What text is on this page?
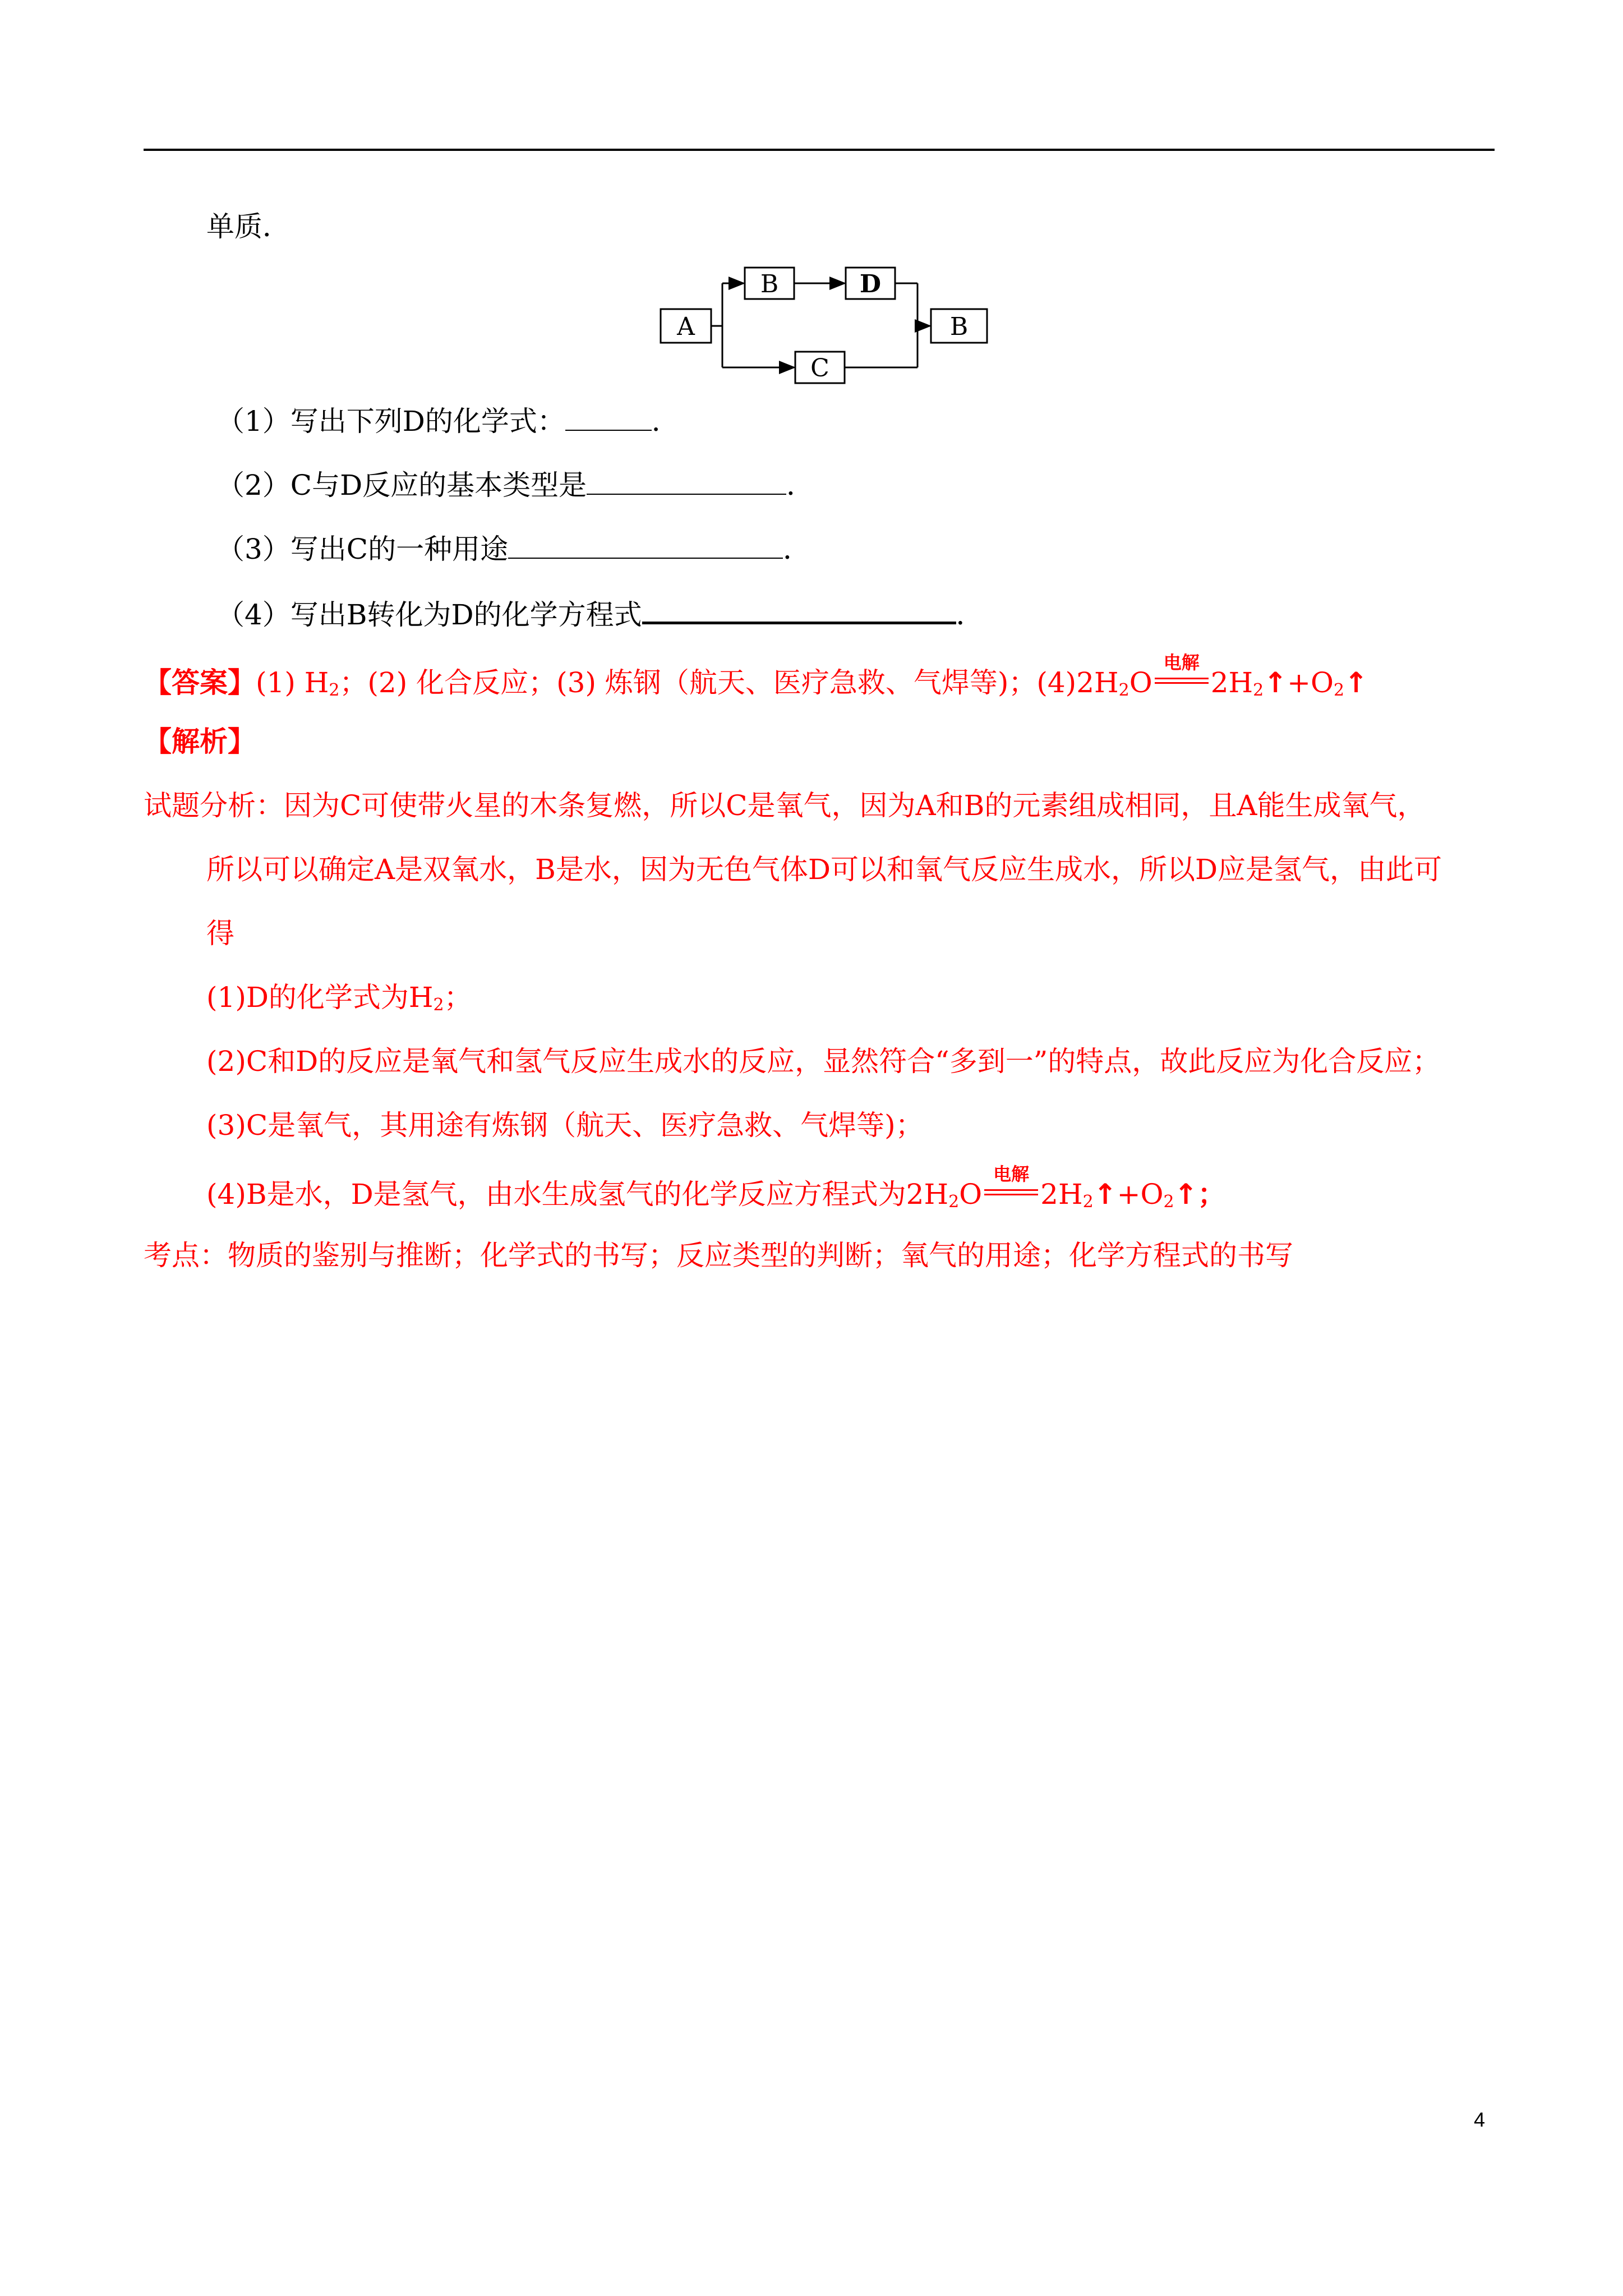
单质．
A
B	D
C
B
（1）写出下列D的化学式：	．
（2）C与D反应的基本类型是	．
（3）写出C的一种用途	．
（4）写出B转化为D的化学方程式	．
【答案】(1) $H_2$；(2) 化合反应；(3) 炼钢（航天、医疗急救、气焊等)；$(4)2H_2O$
电解
$2H_2↑+O_2↑$
【解析】
试题分析：因为C可使带火星的木条复燃，所以C是氧气，因为A和B的元素组成相同，且A能生成氧气，
所以可以确定A是双氧水，B是水，因为无色气体D可以和氧气反应生成水，所以D应是氢气，由此可
得
(1)D的化学式为$H_2$；
(2)C和D的反应是氧气和氢气反应生成水的反应，显然符合“多到一”的特点，故此反应为化合反应；
(3)C是氧气，其用途有炼钢（航天、医疗急救、气焊等)；
(4)B是水，D是氢气，由水生成氢气的化学反应方程式为$2H_2O$
电解
$2H_2↑+O_2↑$；
考点：物质的鉴别与推断；化学式的书写；反应类型的判断；氧气的用途；化学方程式的书写
4
